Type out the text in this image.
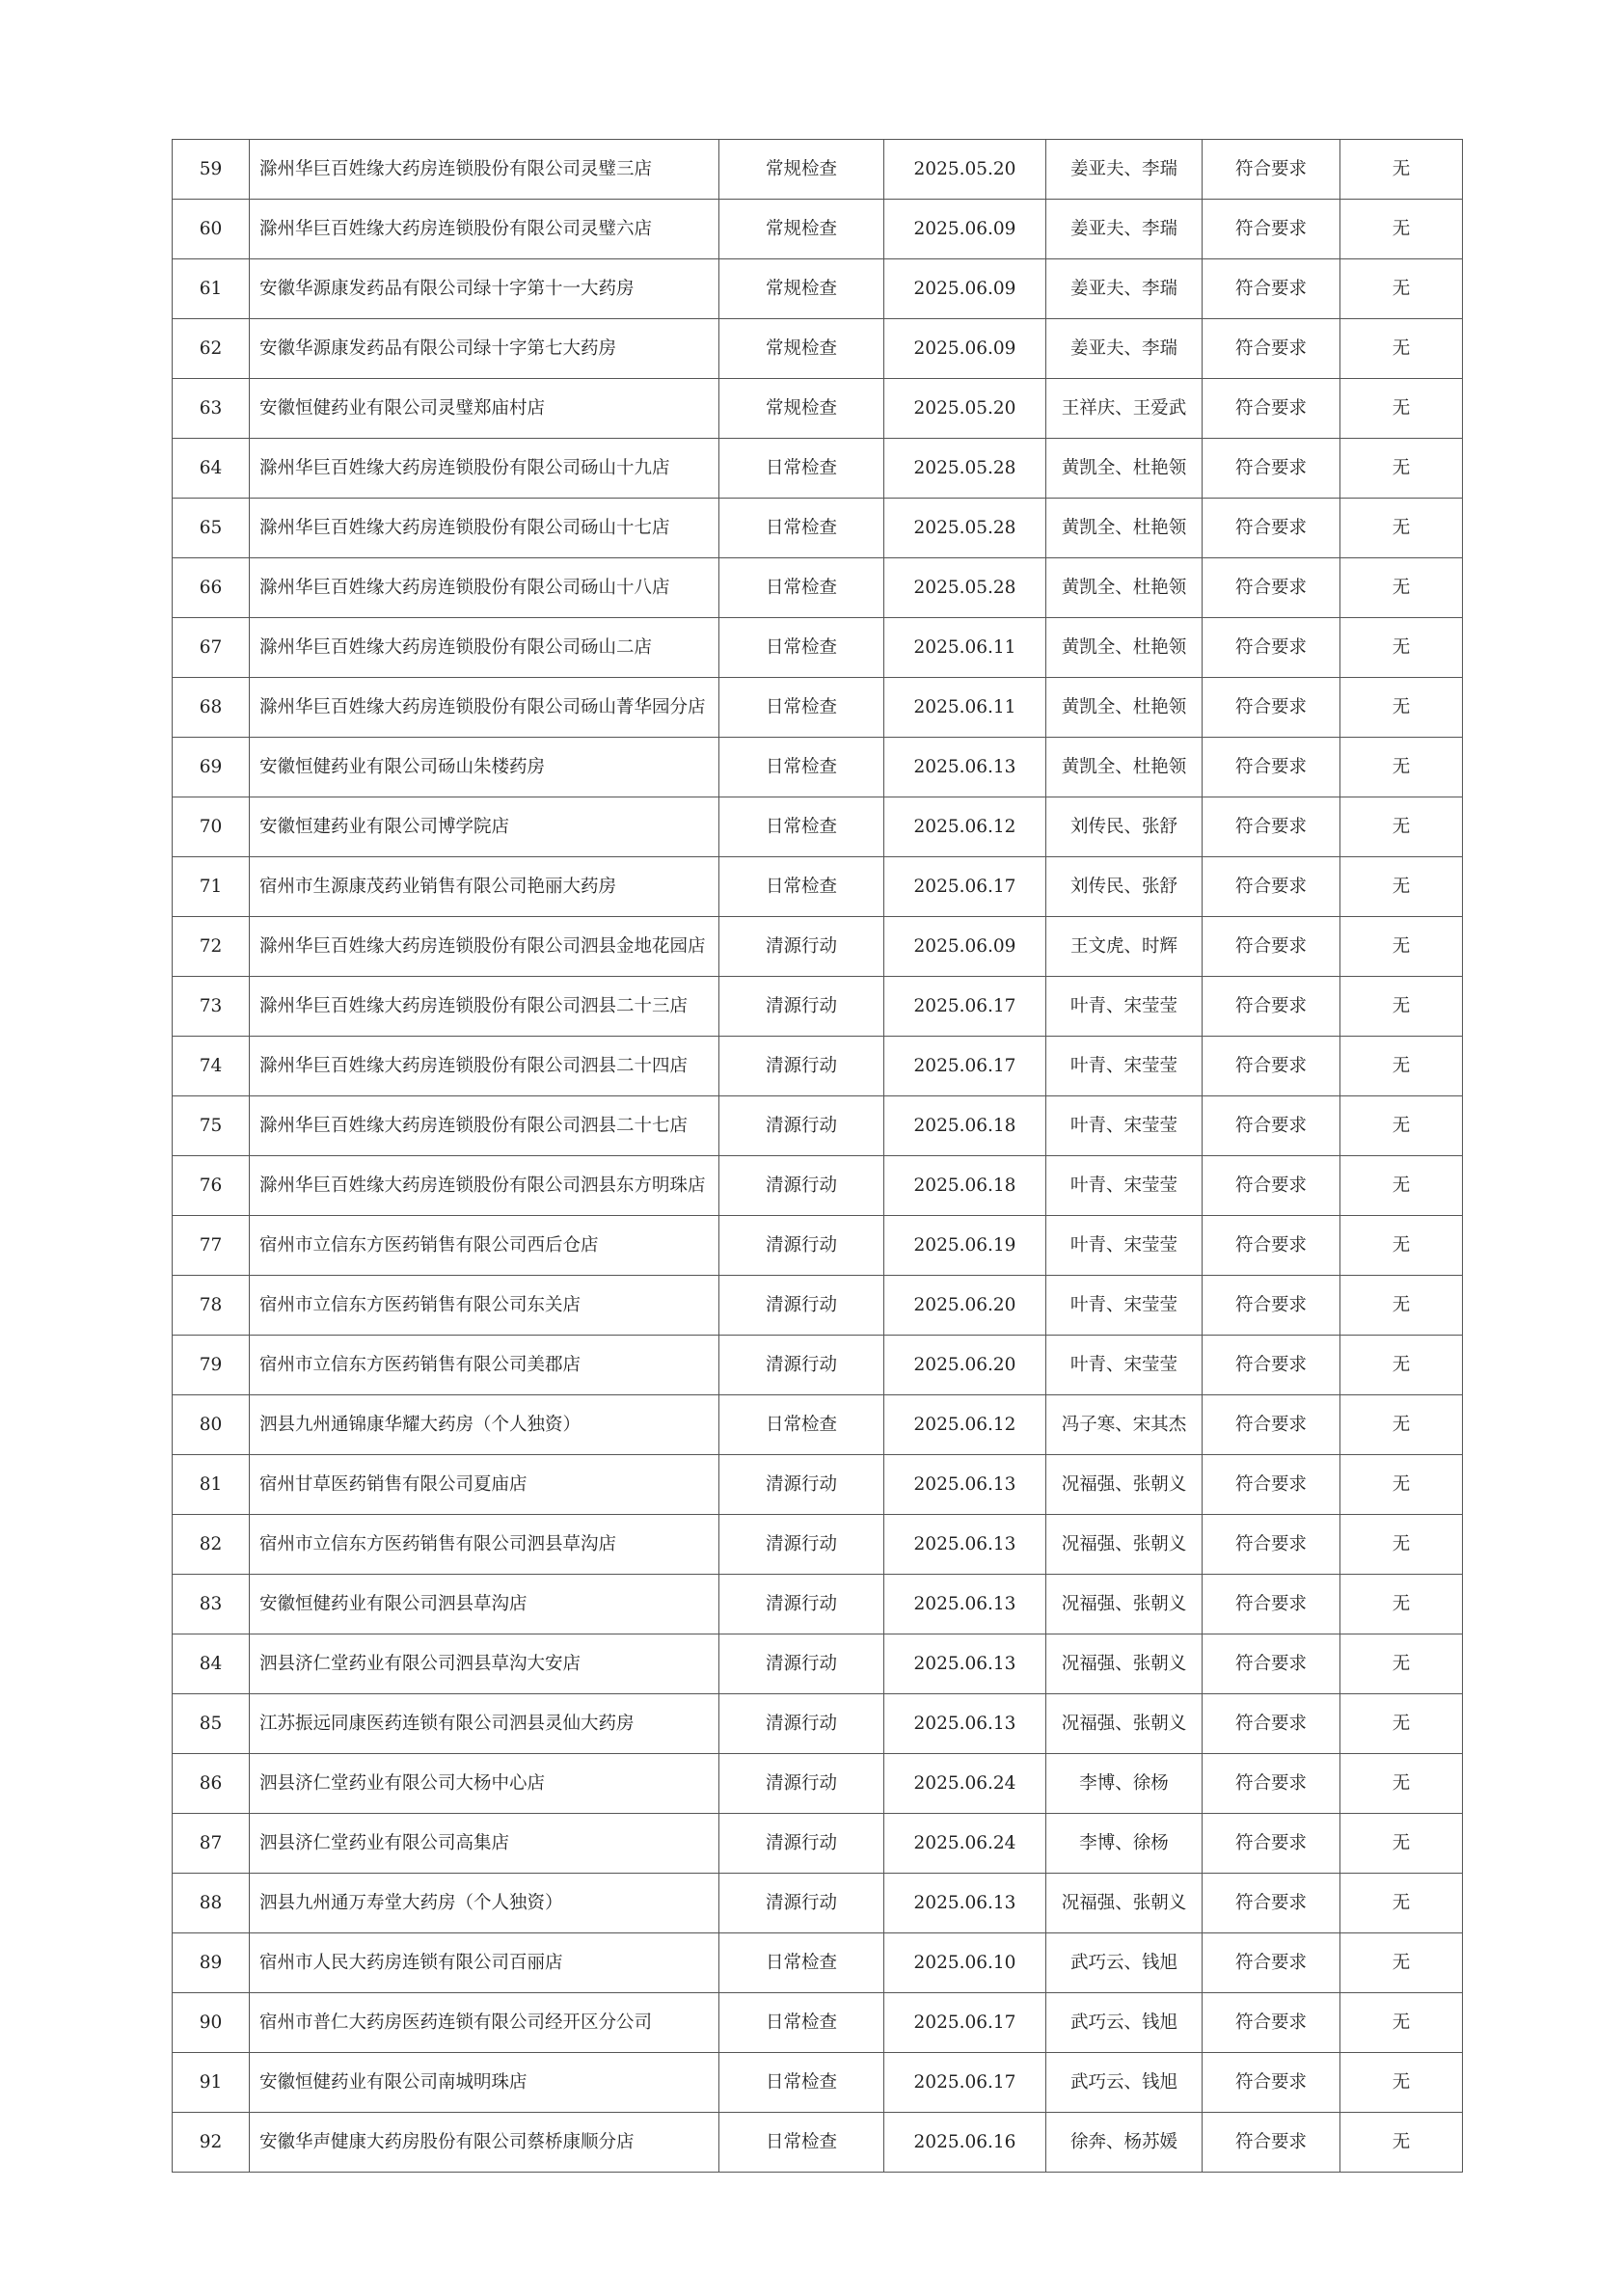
59	滁州华巨百姓缘大药房连锁股份有限公司灵璧三店	常规检查	2025.05.20	姜亚夫、李瑞	符合要求	无
60	滁州华巨百姓缘大药房连锁股份有限公司灵璧六店	常规检查	2025.06.09	姜亚夫、李瑞	符合要求	无
61	安徽华源康发药品有限公司绿十字第十一大药房	常规检查	2025.06.09	姜亚夫、李瑞	符合要求	无
62	安徽华源康发药品有限公司绿十字第七大药房	常规检查	2025.06.09	姜亚夫、李瑞	符合要求	无
63	安徽恒健药业有限公司灵璧郑庙村店	常规检查	2025.05.20	王祥庆、王爱武	符合要求	无
64	滁州华巨百姓缘大药房连锁股份有限公司砀山十九店	日常检查	2025.05.28	黄凯全、杜艳领	符合要求	无
65	滁州华巨百姓缘大药房连锁股份有限公司砀山十七店	日常检查	2025.05.28	黄凯全、杜艳领	符合要求	无
66	滁州华巨百姓缘大药房连锁股份有限公司砀山十八店	日常检查	2025.05.28	黄凯全、杜艳领	符合要求	无
67	滁州华巨百姓缘大药房连锁股份有限公司砀山二店	日常检查	2025.06.11	黄凯全、杜艳领	符合要求	无
68	滁州华巨百姓缘大药房连锁股份有限公司砀山菁华园分店	日常检查	2025.06.11	黄凯全、杜艳领	符合要求	无
69	安徽恒健药业有限公司砀山朱楼药房	日常检查	2025.06.13	黄凯全、杜艳领	符合要求	无
70	安徽恒建药业有限公司博学院店	日常检查	2025.06.12	刘传民、张舒	符合要求	无
71	宿州市生源康茂药业销售有限公司艳丽大药房	日常检查	2025.06.17	刘传民、张舒	符合要求	无
72	滁州华巨百姓缘大药房连锁股份有限公司泗县金地花园店	清源行动	2025.06.09	王文虎、时辉	符合要求	无
73	滁州华巨百姓缘大药房连锁股份有限公司泗县二十三店	清源行动	2025.06.17	叶青、宋莹莹	符合要求	无
74	滁州华巨百姓缘大药房连锁股份有限公司泗县二十四店	清源行动	2025.06.17	叶青、宋莹莹	符合要求	无
75	滁州华巨百姓缘大药房连锁股份有限公司泗县二十七店	清源行动	2025.06.18	叶青、宋莹莹	符合要求	无
76	滁州华巨百姓缘大药房连锁股份有限公司泗县东方明珠店	清源行动	2025.06.18	叶青、宋莹莹	符合要求	无
77	宿州市立信东方医药销售有限公司西后仓店	清源行动	2025.06.19	叶青、宋莹莹	符合要求	无
78	宿州市立信东方医药销售有限公司东关店	清源行动	2025.06.20	叶青、宋莹莹	符合要求	无
79	宿州市立信东方医药销售有限公司美郡店	清源行动	2025.06.20	叶青、宋莹莹	符合要求	无
80	泗县九州通锦康华耀大药房（个人独资）	日常检查	2025.06.12	冯子寒、宋其杰	符合要求	无
81	宿州甘草医药销售有限公司夏庙店	清源行动	2025.06.13	况福强、张朝义	符合要求	无
82	宿州市立信东方医药销售有限公司泗县草沟店	清源行动	2025.06.13	况福强、张朝义	符合要求	无
83	安徽恒健药业有限公司泗县草沟店	清源行动	2025.06.13	况福强、张朝义	符合要求	无
84	泗县济仁堂药业有限公司泗县草沟大安店	清源行动	2025.06.13	况福强、张朝义	符合要求	无
85	江苏振远同康医药连锁有限公司泗县灵仙大药房	清源行动	2025.06.13	况福强、张朝义	符合要求	无
86	泗县济仁堂药业有限公司大杨中心店	清源行动	2025.06.24	李博、徐杨	符合要求	无
87	泗县济仁堂药业有限公司高集店	清源行动	2025.06.24	李博、徐杨	符合要求	无
88	泗县九州通万寿堂大药房（个人独资）	清源行动	2025.06.13	况福强、张朝义	符合要求	无
89	宿州市人民大药房连锁有限公司百丽店	日常检查	2025.06.10	武巧云、钱旭	符合要求	无
90	宿州市普仁大药房医药连锁有限公司经开区分公司	日常检查	2025.06.17	武巧云、钱旭	符合要求	无
91	安徽恒健药业有限公司南城明珠店	日常检查	2025.06.17	武巧云、钱旭	符合要求	无
92	安徽华声健康大药房股份有限公司蔡桥康顺分店	日常检查	2025.06.16	徐奔、杨苏媛	符合要求	无
